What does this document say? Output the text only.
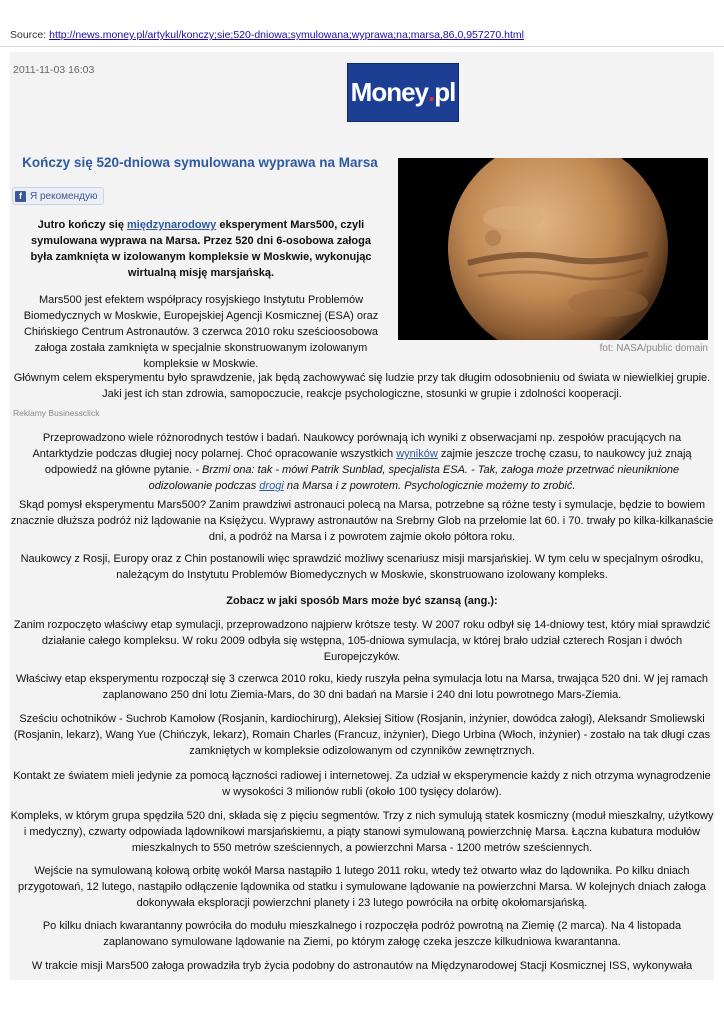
Source: http://news.money.pl/artykul/konczy;sie;520-dniowa;symulowana;wyprawa;na;marsa,86,0,957270.html
2011-11-03 16:03
Money . pl
Kończy się 520-dniowa symulowana wyprawa na Marsa
f Я рекомендую
Jutro kończy się międzynarodowy eksperyment Mars500, czyli symulowana wyprawa na Marsa. Przez 520 dni 6-osobowa załoga była zamknięta w izolowanym kompleksie w Moskwie, wykonując wirtualną misję marsjańską.
Mars500 jest efektem współpracy rosyjskiego Instytutu Problemów Biomedycznych w Moskwie, Europejskiej Agencji Kosmicznej (ESA) oraz Chińskiego Centrum Astronautów. 3 czerwca 2010 roku sześcioosobowa załoga została zamknięta w specjalnie skonstruowanym izolowanym kompleksie w Moskwie.
fot: NASA/public domain
Głównym celem eksperymentu było sprawdzenie, jak będą zachowywać się ludzie przy tak długim odosobnieniu od świata w niewielkiej grupie. Jaki jest ich stan zdrowia, samopoczucie, reakcje psychologiczne, stosunki w grupie i zdolności kooperacji.
Reklamy Businessclick
Przeprowadzono wiele różnorodnych testów i badań. Naukowcy porównają ich wyniki z obserwacjami np. zespołów pracujących na Antarktydzie podczas długiej nocy polarnej. Choć opracowanie wszystkich wyników zajmie jeszcze trochę czasu, to naukowcy już znają odpowiedź na główne pytanie. - Brzmi ona: tak - mówi Patrik Sunblad, specjalista ESA. - Tak, załoga może przetrwać nieuniknione odizolowanie podczas drogi na Marsa i z powrotem. Psychologicznie możemy to zrobić.
Skąd pomysł eksperymentu Mars500? Zanim prawdziwi astronauci polecą na Marsa, potrzebne są różne testy i symulacje, będzie to bowiem znacznie dłuższa podróż niż lądowanie na Księżycu. Wyprawy astronautów na Srebrny Glob na przełomie lat 60. i 70. trwały po kilka-kilkanaście dni, a podróż na Marsa i z powrotem zajmie około półtora roku.
Naukowcy z Rosji, Europy oraz z Chin postanowili więc sprawdzić możliwy scenariusz misji marsjańskiej. W tym celu w specjalnym ośrodku, należącym do Instytutu Problemów Biomedycznych w Moskwie, skonstruowano izolowany kompleks.
Zobacz w jaki sposób Mars może być szansą (ang.):
Zanim rozpoczęto właściwy etap symulacji, przeprowadzono najpierw krótsze testy. W 2007 roku odbył się 14-dniowy test, który miał sprawdzić działanie całego kompleksu. W roku 2009 odbyła się wstępna, 105-dniowa symulacja, w której brało udział czterech Rosjan i dwóch Europejczyków.
Właściwy etap eksperymentu rozpoczął się 3 czerwca 2010 roku, kiedy ruszyła pełna symulacja lotu na Marsa, trwająca 520 dni. W jej ramach zaplanowano 250 dni lotu Ziemia-Mars, do 30 dni badań na Marsie i 240 dni lotu powrotnego Mars-Ziemia.
Sześciu ochotników - Suchrob Kamołow (Rosjanin, kardiochirurg), Aleksiej Sitiow (Rosjanin, inżynier, dowódca załogi), Aleksandr Smoliewski (Rosjanin, lekarz), Wang Yue (Chińczyk, lekarz), Romain Charles (Francuz, inżynier), Diego Urbina (Włoch, inżynier) - zostało na tak długi czas zamkniętych w kompleksie odizolowanym od czynników zewnętrznych.
Kontakt ze światem mieli jedynie za pomocą łączności radiowej i internetowej. Za udział w eksperymencie każdy z nich otrzyma wynagrodzenie w wysokości 3 milionów rubli (około 100 tysięcy dolarów).
Kompleks, w którym grupa spędziła 520 dni, składa się z pięciu segmentów. Trzy z nich symulują statek kosmiczny (moduł mieszkalny, użytkowy i medyczny), czwarty odpowiada lądownikowi marsjańskiemu, a piąty stanowi symulowaną powierzchnię Marsa. Łączna kubatura modułów mieszkalnych to 550 metrów sześciennych, a powierzchni Marsa - 1200 metrów sześciennych.
Wejście na symulowaną kołową orbitę wokół Marsa nastąpiło 1 lutego 2011 roku, wtedy też otwarto właz do lądownika. Po kilku dniach przygotowań, 12 lutego, nastąpiło odłączenie lądownika od statku i symulowane lądowanie na powierzchni Marsa. W kolejnych dniach załoga dokonywała eksploracji powierzchni planety i 23 lutego powróciła na orbitę okołomarsjańską.
Po kilku dniach kwarantanny powróciła do modułu mieszkalnego i rozpoczęła podróż powrotną na Ziemię (2 marca). Na 4 listopada zaplanowano symulowane lądowanie na Ziemi, po którym załogę czeka jeszcze kilkudniowa kwarantanna.
W trakcie misji Mars500 załoga prowadziła tryb życia podobny do astronautów na Międzynarodowej Stacji Kosmicznej ISS, wykonywała
